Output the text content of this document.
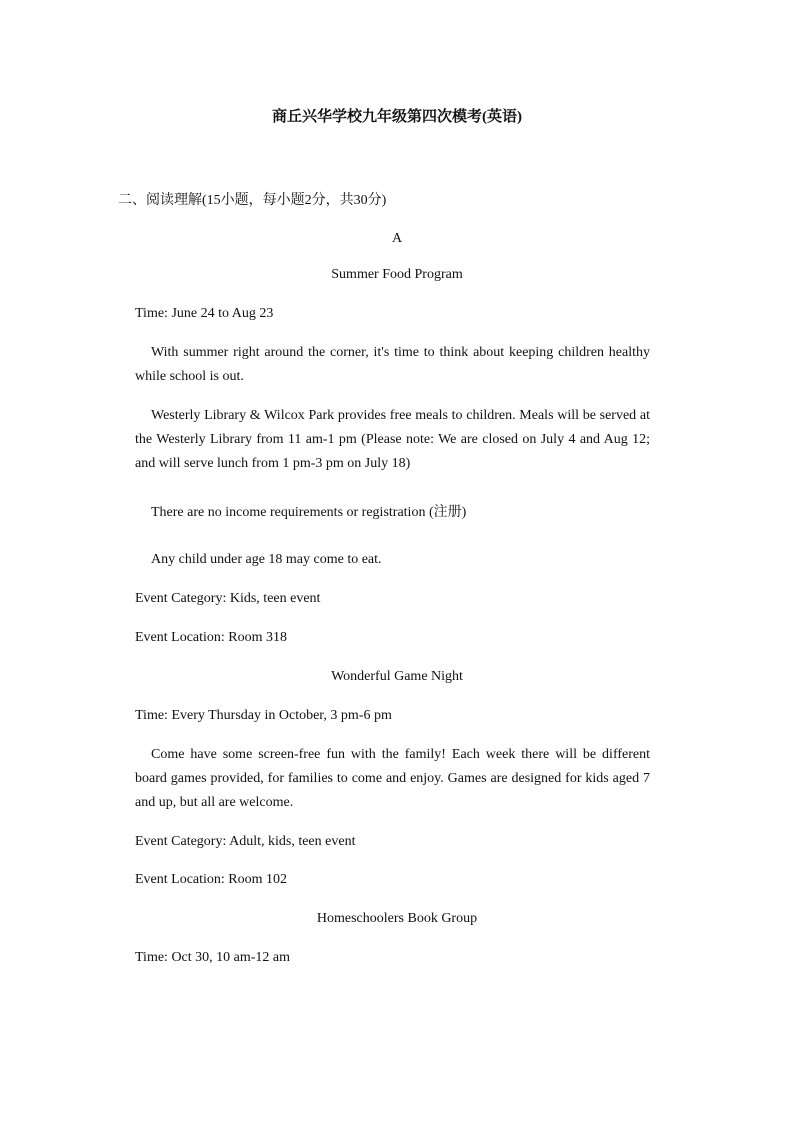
商丘兴华学校九年级第四次模考(英语)
二、阅读理解(15小题，每小题2分，共30分)
A
Summer Food Program
Time: June 24 to Aug 23
With summer right around the corner, it's time to think about keeping children healthy while school is out.
Westerly Library & Wilcox Park provides free meals to children. Meals will be served at the Westerly Library from 11 am-1 pm (Please note: We are closed on July 4 and Aug 12; and will serve lunch from 1 pm-3 pm on July 18)
There are no income requirements or registration (注册)
Any child under age 18 may come to eat.
Event Category: Kids, teen event
Event Location: Room 318
Wonderful Game Night
Time: Every Thursday in October, 3 pm-6 pm
Come have some screen-free fun with the family! Each week there will be different board games provided, for families to come and enjoy. Games are designed for kids aged 7 and up, but all are welcome.
Event Category: Adult, kids, teen event
Event Location: Room 102
Homeschoolers Book Group
Time: Oct 30, 10 am-12 am
